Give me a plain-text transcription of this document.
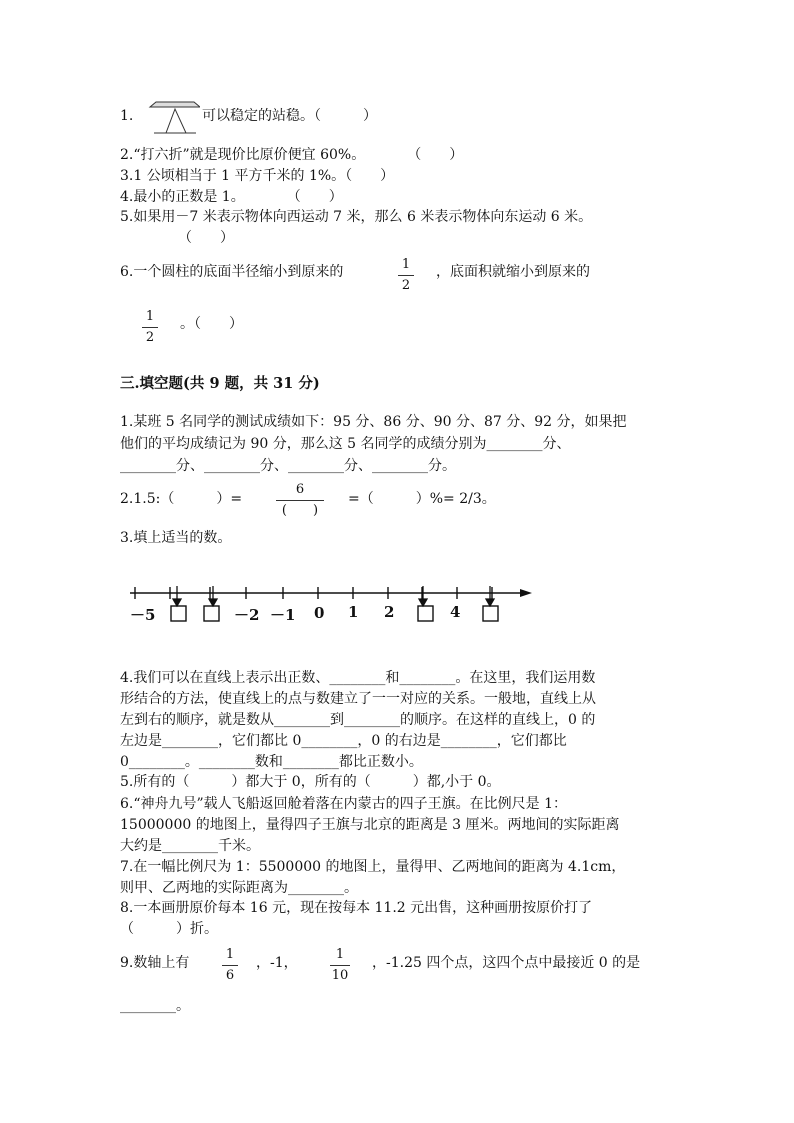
1.	可以稳定的站稳。（　　　）
2.“打六折”就是现价比原价便宜 60%。　　　　（　　）
3.1 公顷相当于 1 平方千米的 1%。（　　）
4.最小的正数是 1。　　　　（　　）
5.如果用－7 米表示物体向西运动 7 米，那么 6 米表示物体向东运动 6 米。
（　　）
6.一个圆柱的底面半径缩小到原来的	1
2
，底面积就缩小到原来的
1
2
。（　　）
三.填空题(共 9 题，共 31 分)
1.某班 5 名同学的测试成绩如下：95 分、86 分、90 分、87 分、92 分，如果把
他们的平均成绩记为 90 分，那么这 5 名同学的成绩分别为________分、
________分、________分、________分、________分。
2.1.5:（　　　）=
6
(　　)
=（　　　）%= 2/3。
3.填上适当的数。
－5	－2 －1 0 1 2	4
4.我们可以在直线上表示出正数、________和________。在这里，我们运用数
形结合的方法，使直线上的点与数建立了一一对应的关系。一般地，直线上从
左到右的顺序，就是数从________到________的顺序。在这样的直线上，0 的
左边是________，它们都比 0________，0 的右边是________，它们都比
0________。________数和________都比正数小。
5.所有的（　　　）都大于 0，所有的（　　　）都,小于 0。
6.“神舟九号”载人飞船返回舱着落在内蒙古的四子王旗。在比例尺是 1：
15000000 的地图上，量得四子王旗与北京的距离是 3 厘米。两地间的实际距离
大约是________千米。
7.在一幅比例尺为 1：5500000 的地图上，量得甲、乙两地间的距离为 4.1cm，
则甲、乙两地的实际距离为________。
8.一本画册原价每本 16 元，现在按每本 11.2 元出售，这种画册按原价打了
（　　　）折。
9.数轴上有
1
6
，-1，
1
10
，-1.25 四个点，这四个点中最接近 0 的是
________。
